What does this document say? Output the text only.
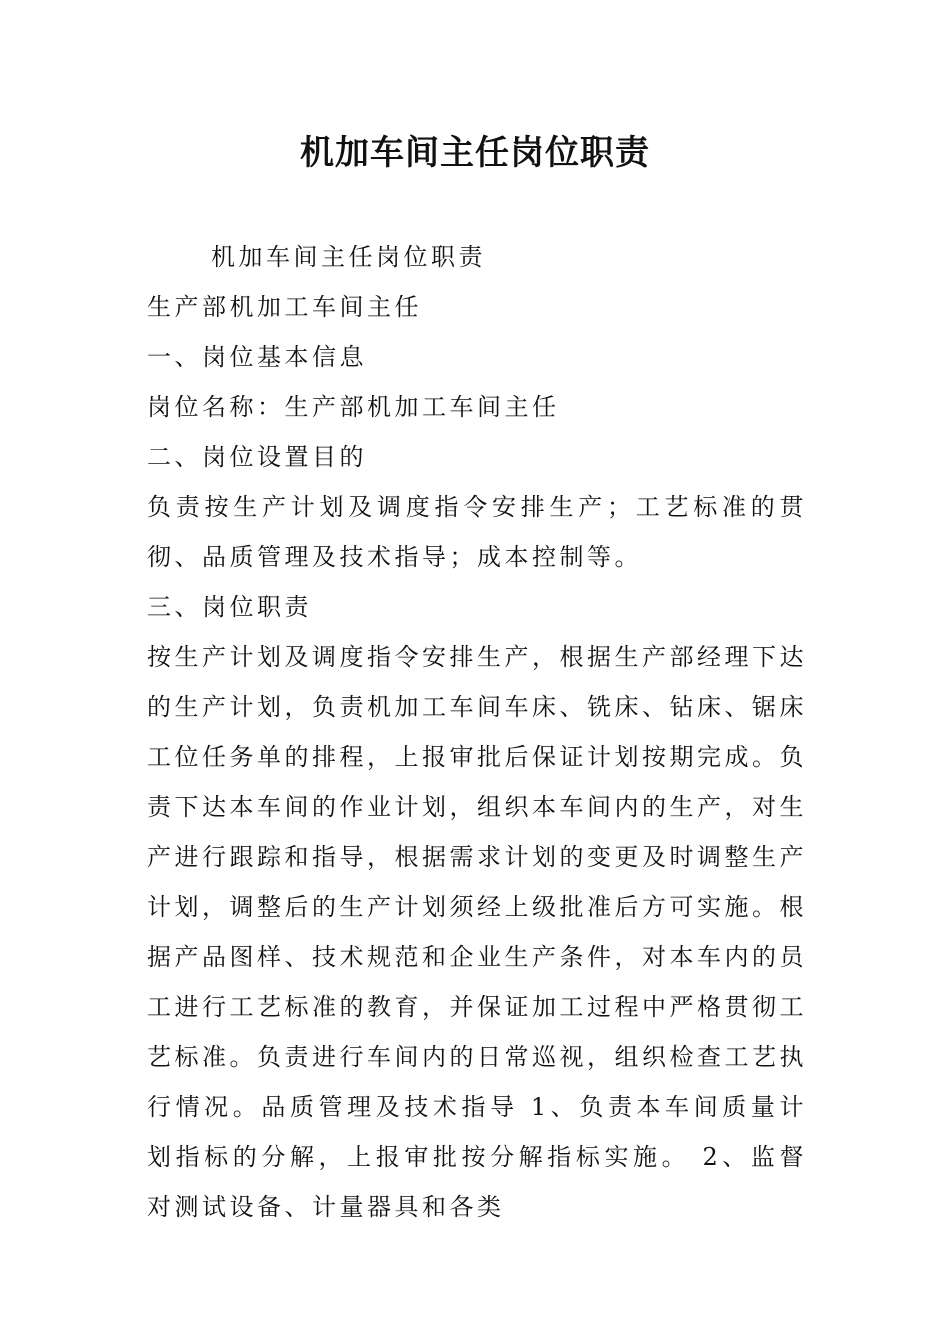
机加车间主任岗位职责

机加车间主任岗位职责

生产部机加工车间主任

一、岗位基本信息

岗位名称：生产部机加工车间主任

二、岗位设置目的

负责按生产计划及调度指令安排生产；工艺标准的贯彻、品质管理及技术指导；成本控制等。

三、岗位职责

按生产计划及调度指令安排生产，根据生产部经理下达的生产计划，负责机加工车间车床、铣床、钻床、锯床工位任务单的排程，上报审批后保证计划按期完成。负责下达本车间的作业计划，组织本车间内的生产，对生产进行跟踪和指导，根据需求计划的变更及时调整生产计划，调整后的生产计划须经上级批准后方可实施。根据产品图样、技术规范和企业生产条件，对本车内的员工进行工艺标准的教育，并保证加工过程中严格贯彻工艺标准。负责进行车间内的日常巡视，组织检查工艺执行情况。品质管理及技术指导 1、负责本车间质量计划指标的分解，上报审批按分解指标实施。 2、监督对测试设备、计量器具和各类
